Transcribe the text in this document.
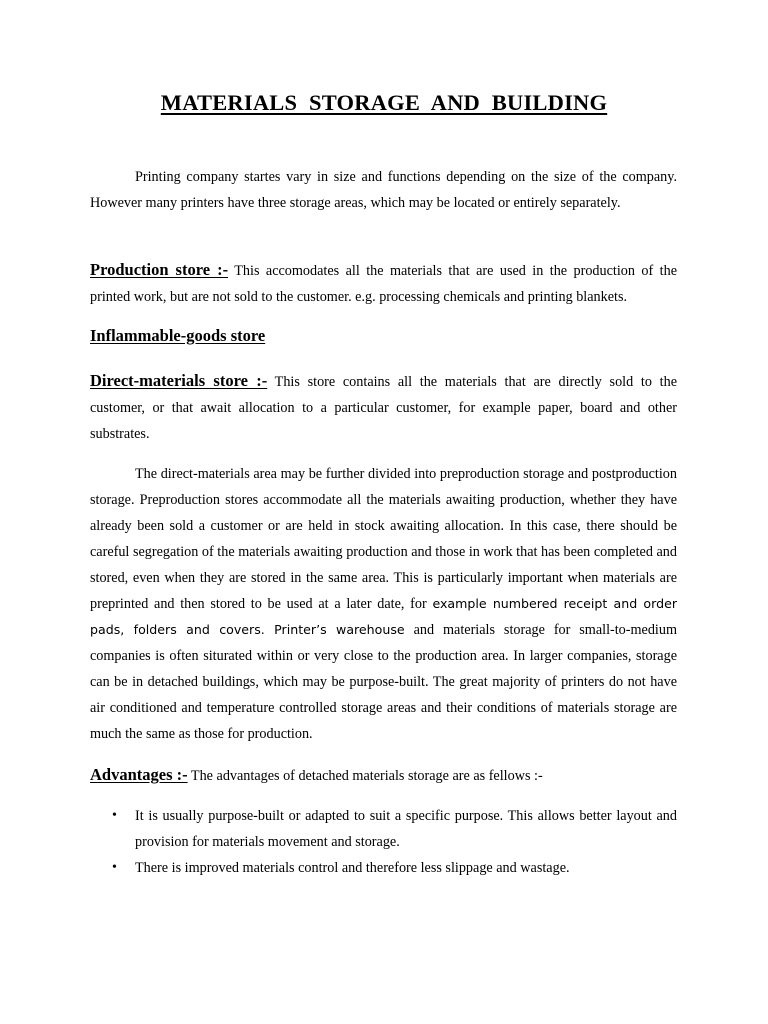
MATERIALS STORAGE AND BUILDING

Printing company startes vary in size and functions depending on the size of the company. However many printers have three storage areas, which may be located or entirely separately.

Production store :- This accomodates all the materials that are used in the production of the printed work, but are not sold to the customer. e.g. processing chemicals and printing blankets.

Inflammable-goods store

Direct-materials store :- This store contains all the materials that are directly sold to the customer, or that await allocation to a particular customer, for example paper, board and other substrates.

The direct-materials area may be further divided into preproduction storage and postproduction storage. Preproduction stores accommodate all the materials awaiting production, whether they have already been sold a customer or are held in stock awaiting allocation. In this case, there should be careful segregation of the materials awaiting production and those in work that has been completed and stored, even when they are stored in the same area. This is particularly important when materials are preprinted and then stored to be used at a later date, for example numbered receipt and order pads, folders and covers. Printer’s warehouse and materials storage for small-to-medium companies is often siturated within or very close to the production area. In larger companies, storage can be in detached buildings, which may be purpose-built. The great majority of printers do not have air conditioned and temperature controlled storage areas and their conditions of materials storage are much the same as those for production.

Advantages :- The advantages of detached materials storage are as fellows :-

• It is usually purpose-built or adapted to suit a specific purpose. This allows better layout and provision for materials movement and storage.
• There is improved materials control and therefore less slippage and wastage.
